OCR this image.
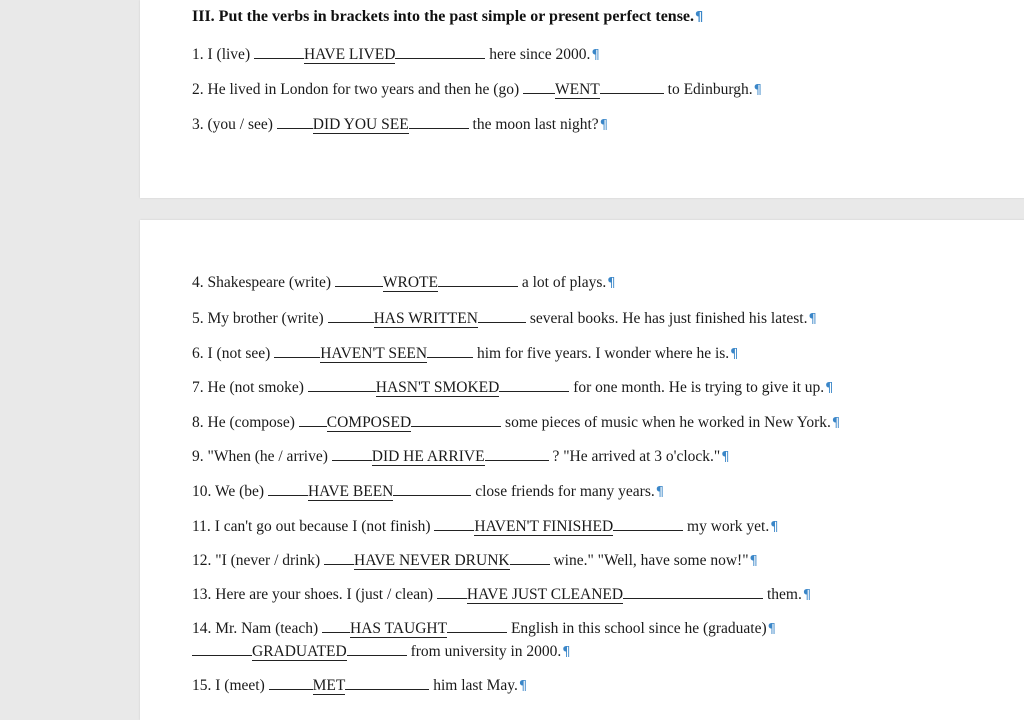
III. Put the verbs in brackets into the past simple or present perfect tense.¶
1. I (live)	HAVE LIVED	here since 2000.¶
2. He lived in London for two years and then he (go) WENT	to Edinburgh.¶
3. (you / see)	DID YOU SEE	the moon last night?¶
4. Shakespeare (write)	WROTE	a lot of plays.¶
5. My brother (write)	HAS WRITTEN	several books. He has just finished his latest.¶
6. I (not see)	HAVEN'T SEEN	him for five years. I wonder where he is.¶
7. He (not smoke)	HASN'T SMOKED	for one month. He is trying to give it up.¶
8. He (compose) COMPOSED	some pieces of music when he worked in New York.¶
9. "When (he / arrive)	DID HE ARRIVE	? "He arrived at 3 o'clock."¶
10. We (be)	HAVE BEEN	close friends for many years.¶
11. I can't go out because I (not finish)	HAVEN'T FINISHED	my work yet.¶
12. "I (never / drink) HAVE NEVER DRUNK	wine." "Well, have some now!"¶
13. Here are your shoes. I (just / clean) HAVE JUST CLEANED	them.¶
14. Mr. Nam (teach) HAS TAUGHT	English in this school since he (graduate)¶
GRADUATED	from university in 2000.¶
15. I (meet)	MET	him last May.¶
